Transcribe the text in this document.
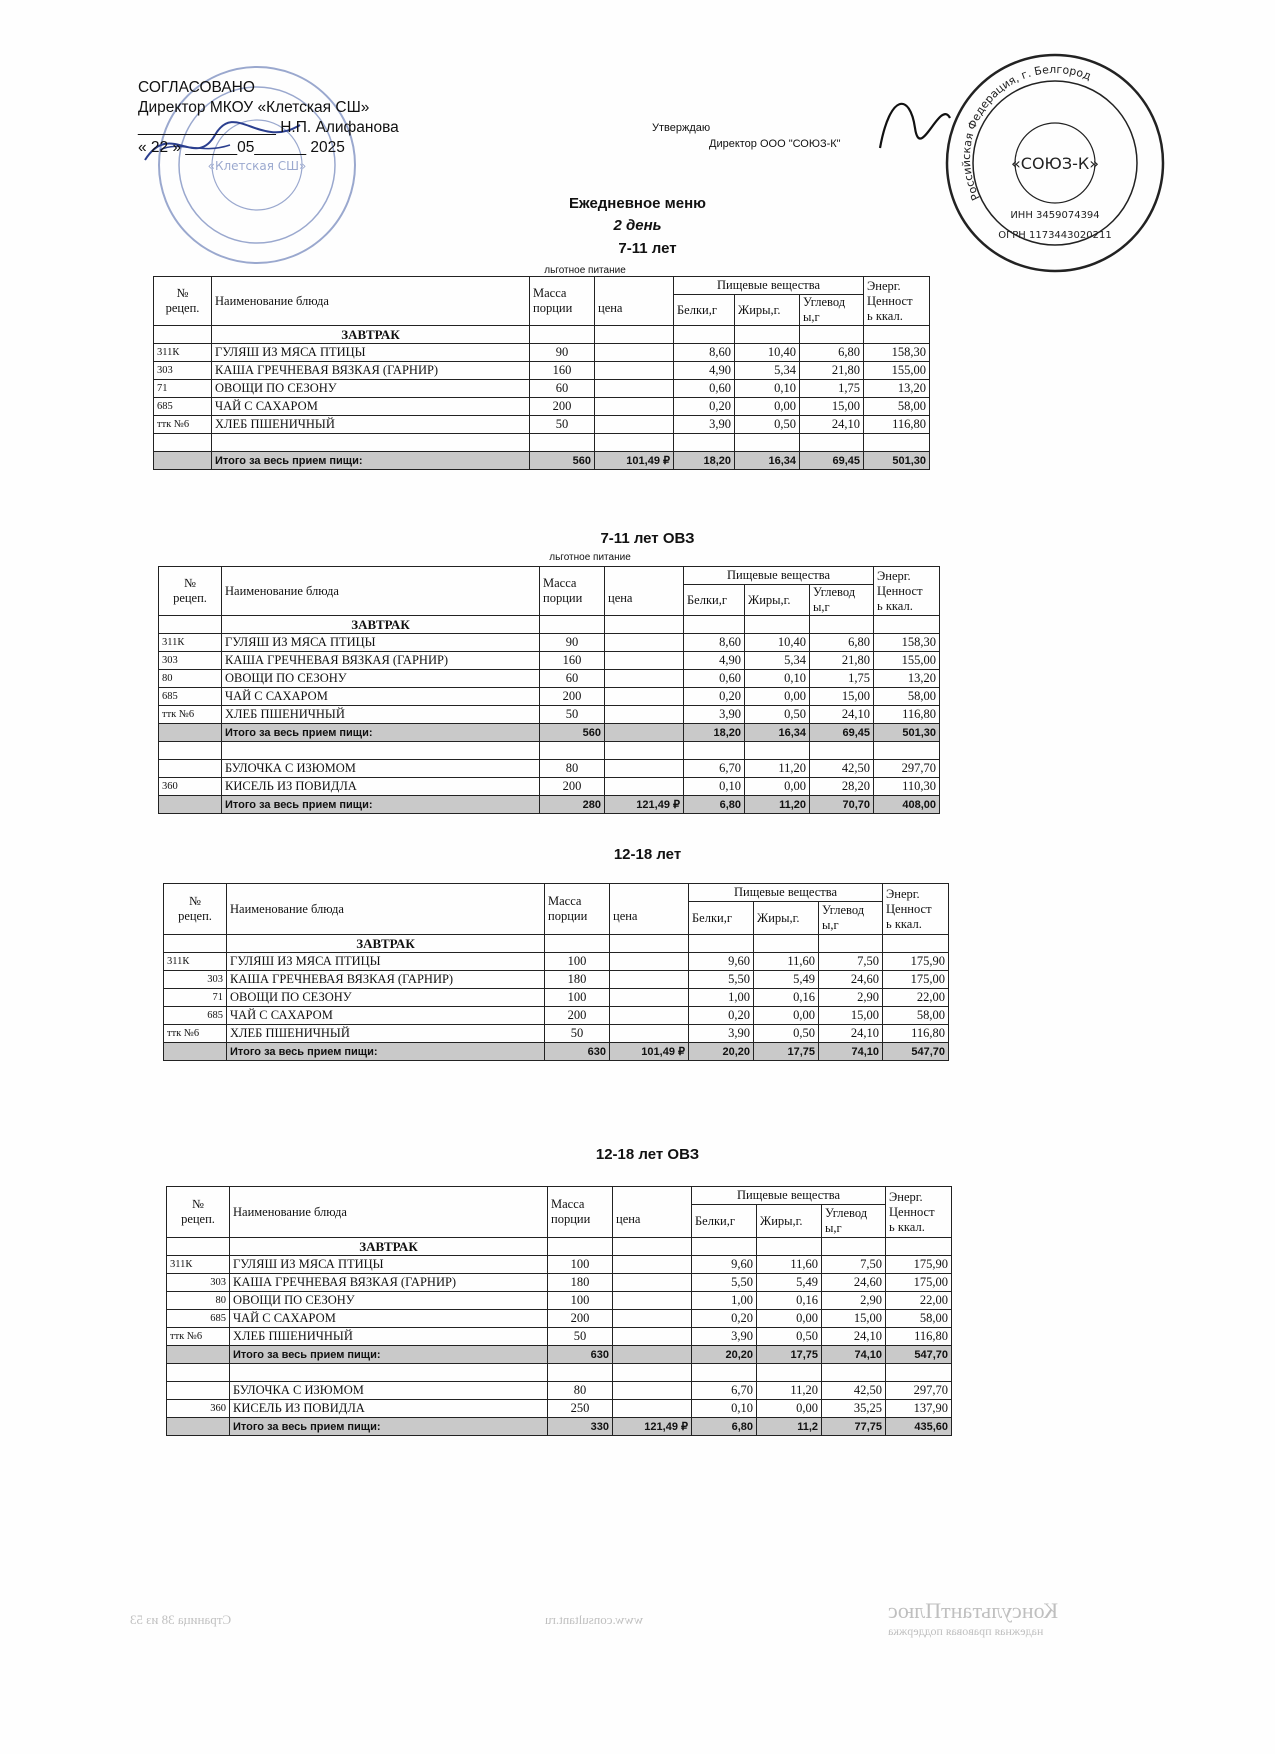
КонсультантПлюс
надежная правовая поддержка
www.consultant.ru
Страница 38 из 53
«Клетская СШ»	«СОЮЗ-К»
Российская Федерация, г. Белгород
ИНН 3459074394
ОГРН 1173443020211
СОГЛАСОВАНО
Директор МКОУ «Клетская СШ»
________________ Н.П. Алифанова
« 22 » ______05______ 2025
Утверждаю
Директор ООО "СОЮЗ-К"
Ежедневное меню
2 день
7-11 лет
льготное питание
7-11 лет ОВЗ
льготное питание
12-18 лет
12-18 лет ОВЗ
№
рецеп.	Наименование блюда	Масса
порции	цена	Пищевые вещества			Энерг.
Ценност
ь ккал.
				Белки,г	Жиры,г.	Углевод
ы,г	
	ЗАВТРАК						
311К	ГУЛЯШ ИЗ МЯСА ПТИЦЫ	90		8,60	10,40	6,80	158,30
303	КАША ГРЕЧНЕВАЯ ВЯЗКАЯ (ГАРНИР)	160		4,90	5,34	21,80	155,00
71	ОВОЩИ ПО СЕЗОНУ	60		0,60	0,10	1,75	13,20
685	ЧАЙ С САХАРОМ	200		0,20	0,00	15,00	58,00
ттк №6	ХЛЕБ ПШЕНИЧНЫЙ	50		3,90	0,50	24,10	116,80

	Итого за весь прием пищи:	560	101,49 ₽	18,20	16,34	69,45	501,30
№
рецеп.	Наименование блюда	Масса
порции	цена	Пищевые вещества			Энерг.
Ценност
ь ккал.
				Белки,г	Жиры,г.	Углевод
ы,г	
	ЗАВТРАК						
311К	ГУЛЯШ ИЗ МЯСА ПТИЦЫ	90		8,60	10,40	6,80	158,30
303	КАША ГРЕЧНЕВАЯ ВЯЗКАЯ (ГАРНИР)	160		4,90	5,34	21,80	155,00
80	ОВОЩИ ПО СЕЗОНУ	60		0,60	0,10	1,75	13,20
685	ЧАЙ С САХАРОМ	200		0,20	0,00	15,00	58,00
ттк №6	ХЛЕБ ПШЕНИЧНЫЙ	50		3,90	0,50	24,10	116,80
	Итого за весь прием пищи:	560		18,20	16,34	69,45	501,30

	БУЛОЧКА С ИЗЮМОМ	80		6,70	11,20	42,50	297,70
360	КИСЕЛЬ ИЗ ПОВИДЛА	200		0,10	0,00	28,20	110,30
	Итого за весь прием пищи:	280	121,49 ₽	6,80	11,20	70,70	408,00
№
рецеп.	Наименование блюда	Масса
порции	цена	Пищевые вещества			Энерг.
Ценност
ь ккал.
				Белки,г	Жиры,г.	Углевод
ы,г	
	ЗАВТРАК						
311К	ГУЛЯШ ИЗ МЯСА ПТИЦЫ	100		9,60	11,60	7,50	175,90
303	КАША ГРЕЧНЕВАЯ ВЯЗКАЯ (ГАРНИР)	180		5,50	5,49	24,60	175,00
71	ОВОЩИ ПО СЕЗОНУ	100		1,00	0,16	2,90	22,00
685	ЧАЙ С САХАРОМ	200		0,20	0,00	15,00	58,00
ттк №6	ХЛЕБ ПШЕНИЧНЫЙ	50		3,90	0,50	24,10	116,80
	Итого за весь прием пищи:	630	101,49 ₽	20,20	17,75	74,10	547,70
№
рецеп.	Наименование блюда	Масса
порции	цена	Пищевые вещества			Энерг.
Ценност
ь ккал.
				Белки,г	Жиры,г.	Углевод
ы,г	
	ЗАВТРАК						
311К	ГУЛЯШ ИЗ МЯСА ПТИЦЫ	100		9,60	11,60	7,50	175,90
303	КАША ГРЕЧНЕВАЯ ВЯЗКАЯ (ГАРНИР)	180		5,50	5,49	24,60	175,00
80	ОВОЩИ ПО СЕЗОНУ	100		1,00	0,16	2,90	22,00
685	ЧАЙ С САХАРОМ	200		0,20	0,00	15,00	58,00
ттк №6	ХЛЕБ ПШЕНИЧНЫЙ	50		3,90	0,50	24,10	116,80
	Итого за весь прием пищи:	630		20,20	17,75	74,10	547,70

	БУЛОЧКА С ИЗЮМОМ	80		6,70	11,20	42,50	297,70
360	КИСЕЛЬ ИЗ ПОВИДЛА	250		0,10	0,00	35,25	137,90
	Итого за весь прием пищи:	330	121,49 ₽	6,80	11,2	77,75	435,60
